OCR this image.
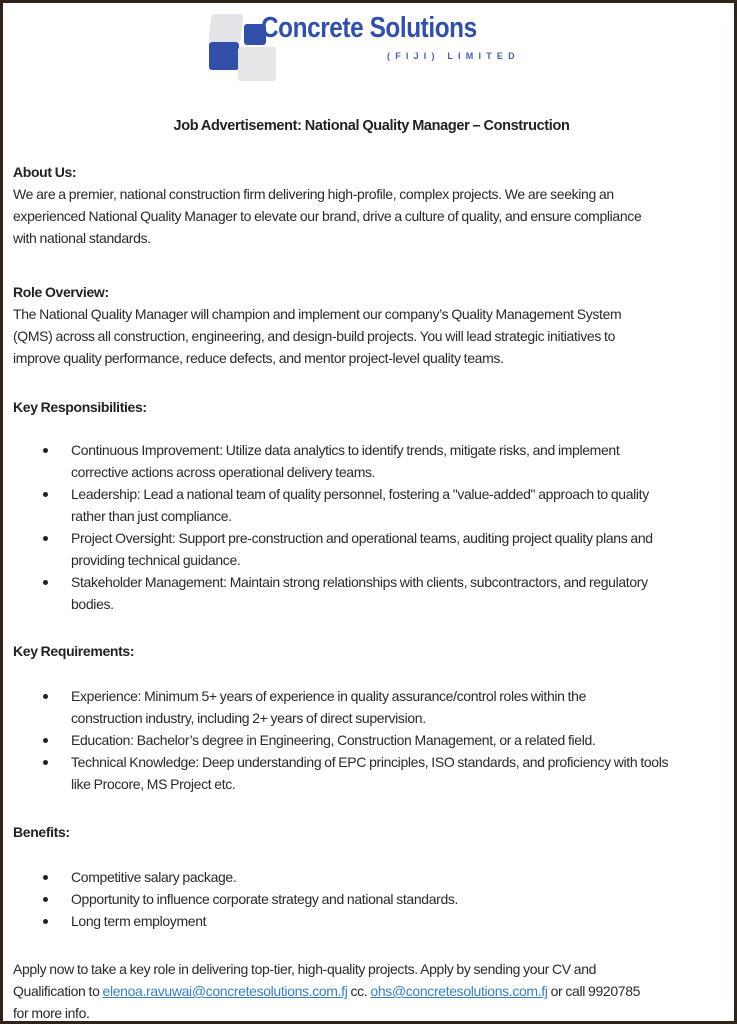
Concrete Solutions
(FIJI) LIMITED
Job Advertisement: National Quality Manager – Construction
About Us:
We are a premier, national construction firm delivering high-profile, complex projects. We are seeking an
experienced National Quality Manager to elevate our brand, drive a culture of quality, and ensure compliance
with national standards.
Role Overview:
The National Quality Manager will champion and implement our company’s Quality Management System
(QMS) across all construction, engineering, and design-build projects. You will lead strategic initiatives to
improve quality performance, reduce defects, and mentor project-level quality teams.
Key Responsibilities:
Continuous Improvement: Utilize data analytics to identify trends, mitigate risks, and implement
corrective actions across operational delivery teams.
Leadership: Lead a national team of quality personnel, fostering a "value-added" approach to quality
rather than just compliance.
Project Oversight: Support pre-construction and operational teams, auditing project quality plans and
providing technical guidance.
Stakeholder Management: Maintain strong relationships with clients, subcontractors, and regulatory
bodies.
Key Requirements:
Experience: Minimum 5+ years of experience in quality assurance/control roles within the
construction industry, including 2+ years of direct supervision.
Education: Bachelor’s degree in Engineering, Construction Management, or a related field.
Technical Knowledge: Deep understanding of EPC principles, ISO standards, and proficiency with tools
like Procore, MS Project etc.
Benefits:
Competitive salary package.
Opportunity to influence corporate strategy and national standards.
Long term employment
Apply now to take a key role in delivering top-tier, high-quality projects. Apply by sending your CV and
Qualification to elenoa.ravuwai@concretesolutions.com.fj cc. ohs@concretesolutions.com.fj or call 9920785
for more info.
